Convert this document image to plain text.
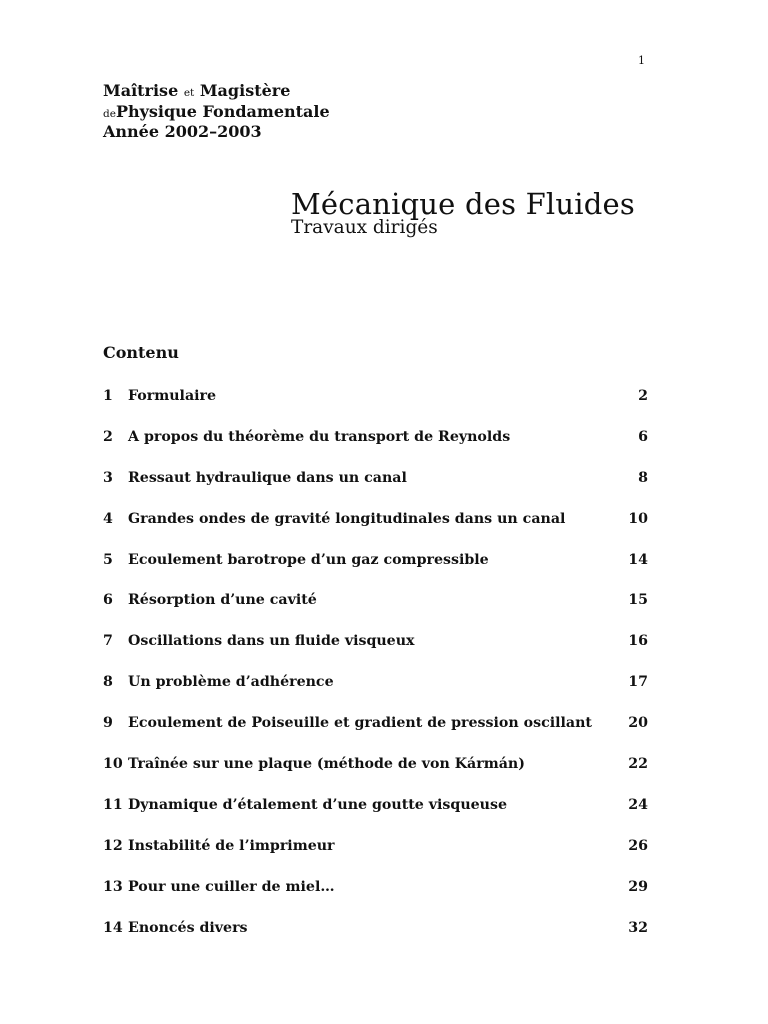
1
Maîtrise et Magistère
dePhysique Fondamentale
Année 2002–2003
Mécanique des Fluides
Travaux dirigés
Contenu
1 Formulaire	2
2 A propos du théorème du transport de Reynolds	6
3 Ressaut hydraulique dans un canal	8
4 Grandes ondes de gravité longitudinales dans un canal	10
5 Ecoulement barotrope d’un gaz compressible	14
6 Résorption d’une cavité	15
7 Oscillations dans un fluide visqueux	16
8 Un problème d’adhérence	17
9 Ecoulement de Poiseuille et gradient de pression oscillant	20
10 Traînée sur une plaque (méthode de von Kármán)	22
11 Dynamique d’étalement d’une goutte visqueuse	24
12 Instabilité de l’imprimeur	26
13 Pour une cuiller de miel…	29
14 Enoncés divers	32
